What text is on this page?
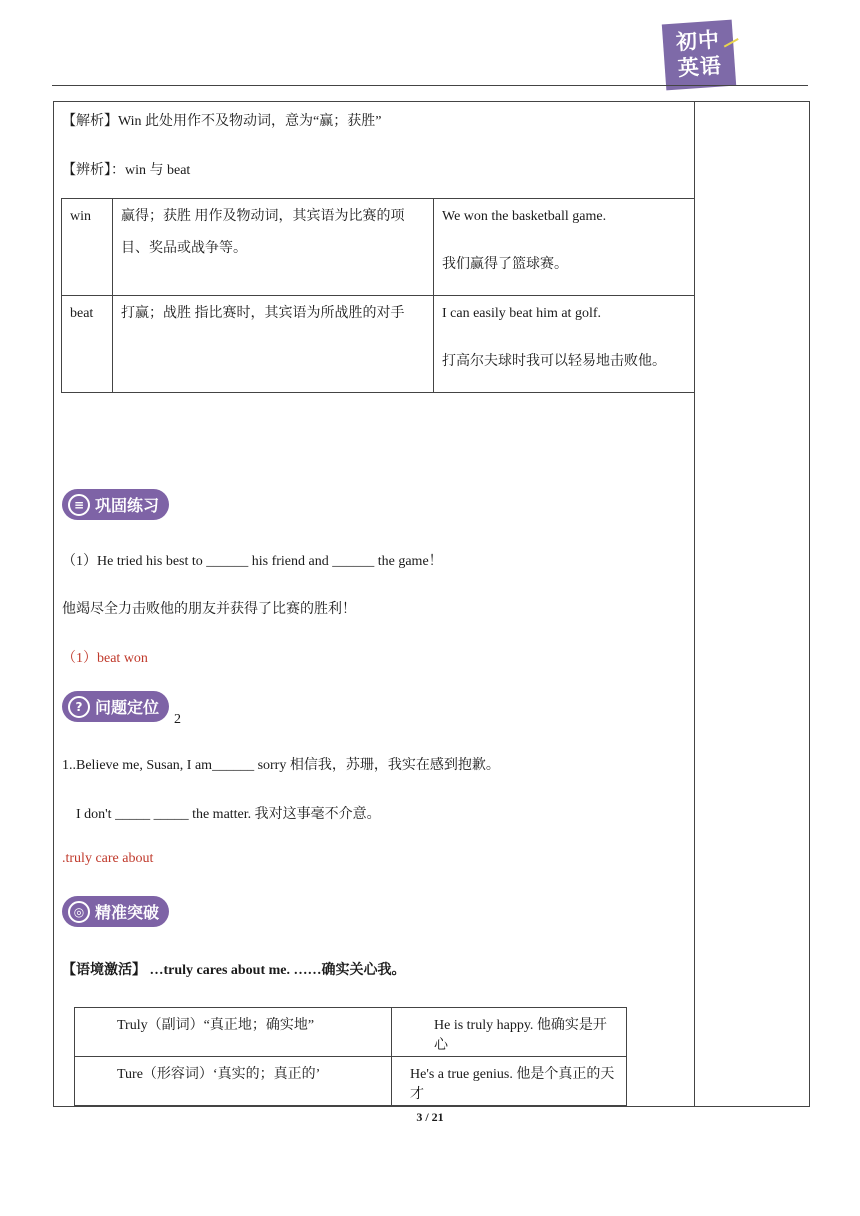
初中
英语
【解析】Win 此处用作不及物动词，意为“赢；获胜”
【辨析】：win 与 beat
win	赢得；获胜 用作及物动词，其宾语为比赛的项目、奖品或战争等。	We won the basketball game.
我们赢得了篮球赛。

beat	打赢；战胜 指比赛时，其宾语为所战胜的对手	I can easily beat him at golf.
打高尔夫球时我可以轻易地击败他。
≡ 巩固练习
（1）He tried his best to ______ his friend and ______ the game！
他竭尽全力击败他的朋友并获得了比赛的胜利！
（1）beat won
? 问题定位
2
1..Believe me, Susan, I am______ sorry 相信我，苏珊，我实在感到抱歉。
I don't _____ _____ the matter. 我对这事毫不介意。
.truly care about
◎ 精准突破
【语境激活】 …truly cares about me. ……确实关心我。
Truly（副词）“真正地；确实地”	He is truly happy. 他确实是开心
Ture（形容词）‘真实的；真正的’	He's a true genius. 他是个真正的天才
3 / 21
